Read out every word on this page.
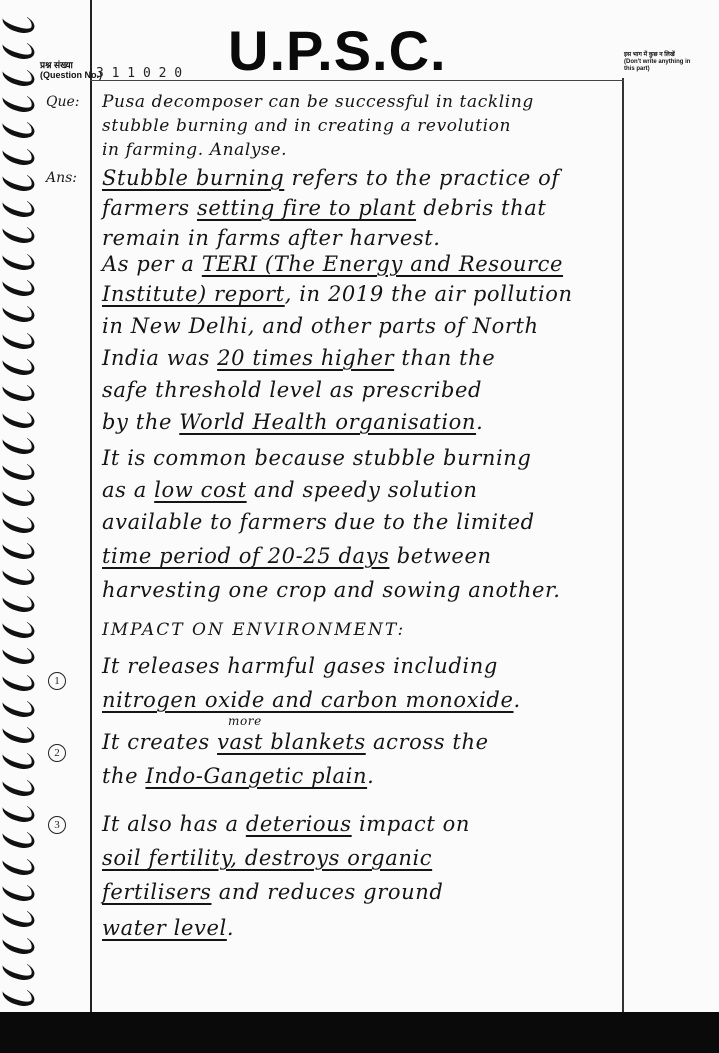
प्रश्न संख्या
(Question No.)
3 1 1 0 2 0 U.P.S.C.	इस भाग में कुछ न लिखें
(Don't write anything in this part)
Que:
Ans:
Pusa decomposer can be successful in tackling
stubble burning and in creating a revolution
in farming. Analyse.
Stubble burning refers to the practice of
farmers setting fire to plant debris that
remain in farms after harvest.
As per a TERI (The Energy and Resource
Institute) report, in 2019 the air pollution
in New Delhi, and other parts of North
India was 20 times higher than the
safe threshold level as prescribed
by the World Health organisation.
It is common because stubble burning
as a low cost and speedy solution
available to farmers due to the limited
time period of 20-25 days between
harvesting one crop and sowing another.
IMPACT ON ENVIRONMENT:
1
It releases harmful gases including
nitrogen oxide and carbon monoxide.
2 It creates vast blankets across the
the Indo-Gangetic plain.
more
3 It also has a deterious impact on
soil fertility, destroys organic
fertilisers and reduces ground
water level.
